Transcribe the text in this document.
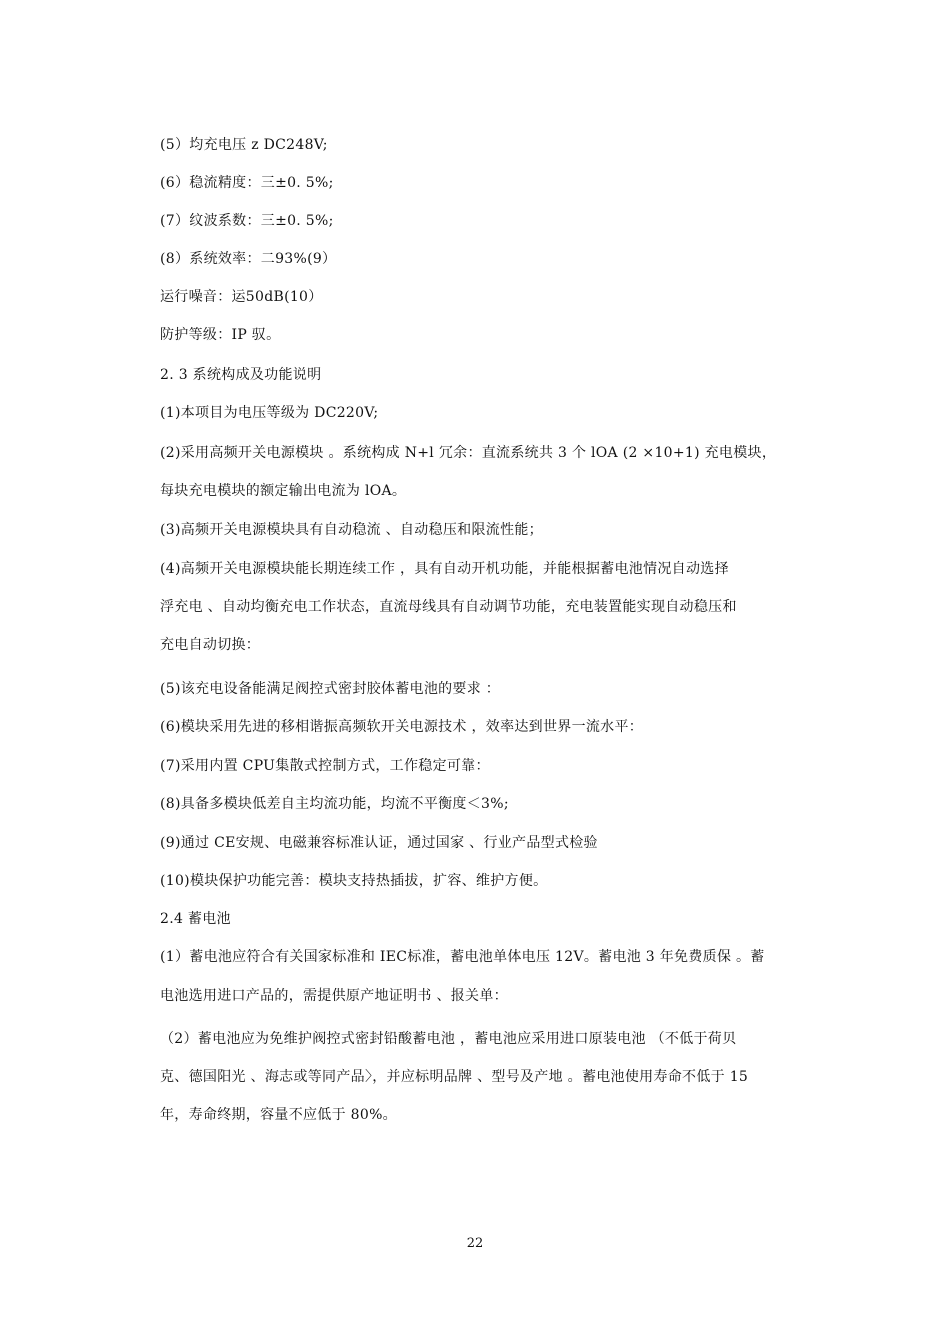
(5）均充电压 z DC248V;
(6）稳流精度：三±0. 5%;
(7）纹波系数：三±0. 5%;
(8）系统效率：二93%(9）
运行噪音：运50dB(10）
防护等级：IP 驭。
2. 3 系统构成及功能说明
(1)本项目为电压等级为 DC220V;
(2)采用高频开关电源模块 。系统构成 N+l 冗余：直流系统共 3 个 lOA (2 ×10+1) 充电模块，
每块充电模块的额定输出电流为 lOA。
(3)高频开关电源模块具有自动稳流 、自动稳压和限流性能；
(4)高频开关电源模块能长期连续工作 ，具有自动开机功能，并能根据蓄电池情况自动选择
浮充电 、自动均衡充电工作状态，直流母线具有自动调节功能，充电装置能实现自动稳压和
充电自动切换：
(5)该充电设备能满足阀控式密封胶体蓄电池的要求 ：
(6)模块采用先进的移相谐振高频软开关电源技术 ，效率达到世界一流水平：
(7)采用内置 CPU集散式控制方式，工作稳定可靠：
(8)具备多模块低差自主均流功能，均流不平衡度＜3%;
(9)通过 CE安规、电磁兼容标准认证，通过国家 、行业产品型式检验
(10)模块保护功能完善：模块支持热插拔，扩容、维护方便。
2.4 蓄电池
(1）蓄电池应符合有关国家标准和 IEC标准，蓄电池单体电压 12V。蓄电池 3 年免费质保 。蓄
电池选用进口产品的，需提供原产地证明书 、报关单：
（2）蓄电池应为免维护阀控式密封铅酸蓄电池 ，蓄电池应采用进口原装电池 （不低于荷贝
克、德国阳光 、海志或等同产品〉，并应标明品牌 、型号及产地 。蓄电池使用寿命不低于 15
年，寿命终期，容量不应低于 80%。
22
